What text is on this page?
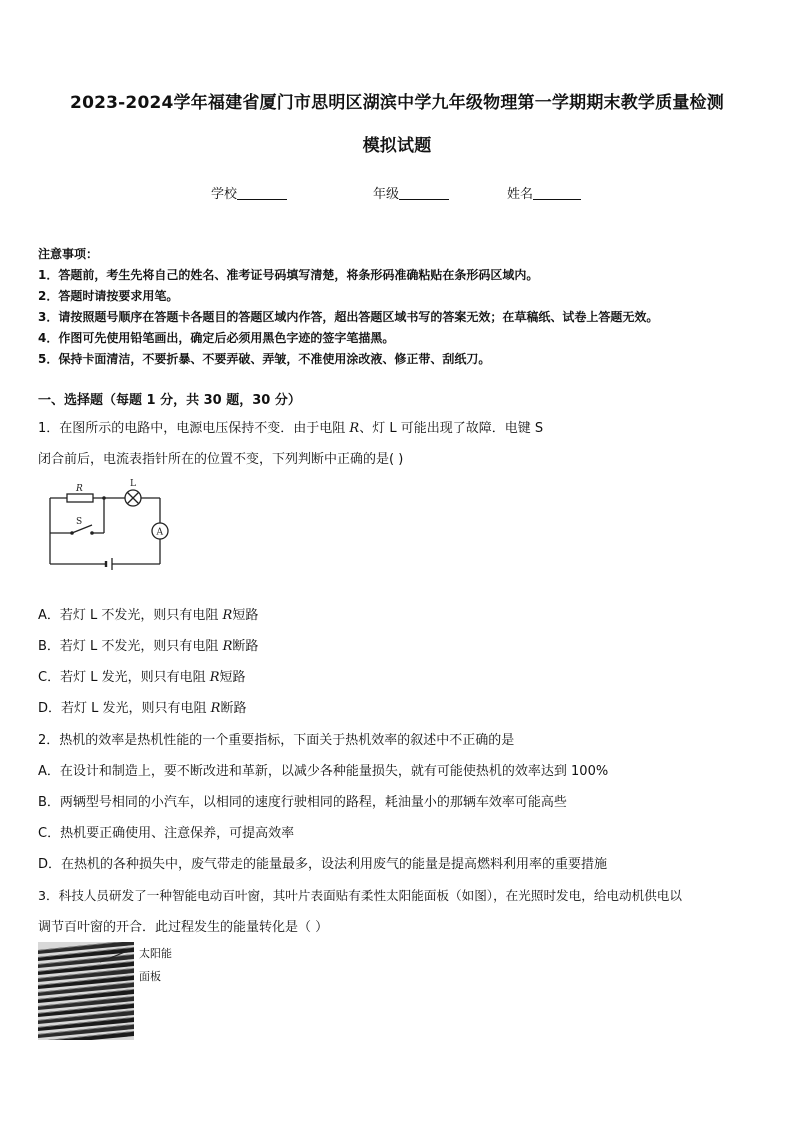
2023-2024学年福建省厦门市思明区湖滨中学九年级物理第一学期期末教学质量检测
模拟试题
学校	年级	姓名
注意事项：
1．答题前，考生先将自己的姓名、准考证号码填写清楚，将条形码准确粘贴在条形码区域内。
2．答题时请按要求用笔。
3．请按照题号顺序在答题卡各题目的答题区域内作答，超出答题区域书写的答案无效；在草稿纸、试卷上答题无效。
4．作图可先使用铅笔画出，确定后必须用黑色字迹的签字笔描黑。
5．保持卡面清洁，不要折暴、不要弄破、弄皱，不准使用涂改液、修正带、刮纸刀。
一、选择题（每题 1 分，共 30 题，30 分）
1．在图所示的电路中，电源电压保持不变．由于电阻 R、灯 L 可能出现了故障．电键 S
闭合前后，电流表指针所在的位置不变，下列判断中正确的是( )
R	L
S
A
A．若灯 L 不发光，则只有电阻 R短路
B．若灯 L 不发光，则只有电阻 R断路
C．若灯 L 发光，则只有电阻 R短路
D．若灯 L 发光，则只有电阻 R断路
2．热机的效率是热机性能的一个重要指标，下面关于热机效率的叙述中不正确的是
A．在设计和制造上，要不断改进和革新，以减少各种能量损失，就有可能使热机的效率达到 100%
B．两辆型号相同的小汽车，以相同的速度行驶相同的路程，耗油量小的那辆车效率可能高些
C．热机要正确使用、注意保养，可提高效率
D．在热机的各种损失中，废气带走的能量最多，设法利用废气的能量是提高燃料利用率的重要措施
3．科技人员研发了一种智能电动百叶窗，其叶片表面贴有柔性太阳能面板（如图），在光照时发电，给电动机供电以
调节百叶窗的开合．此过程发生的能量转化是（ ）
太阳能
面板
